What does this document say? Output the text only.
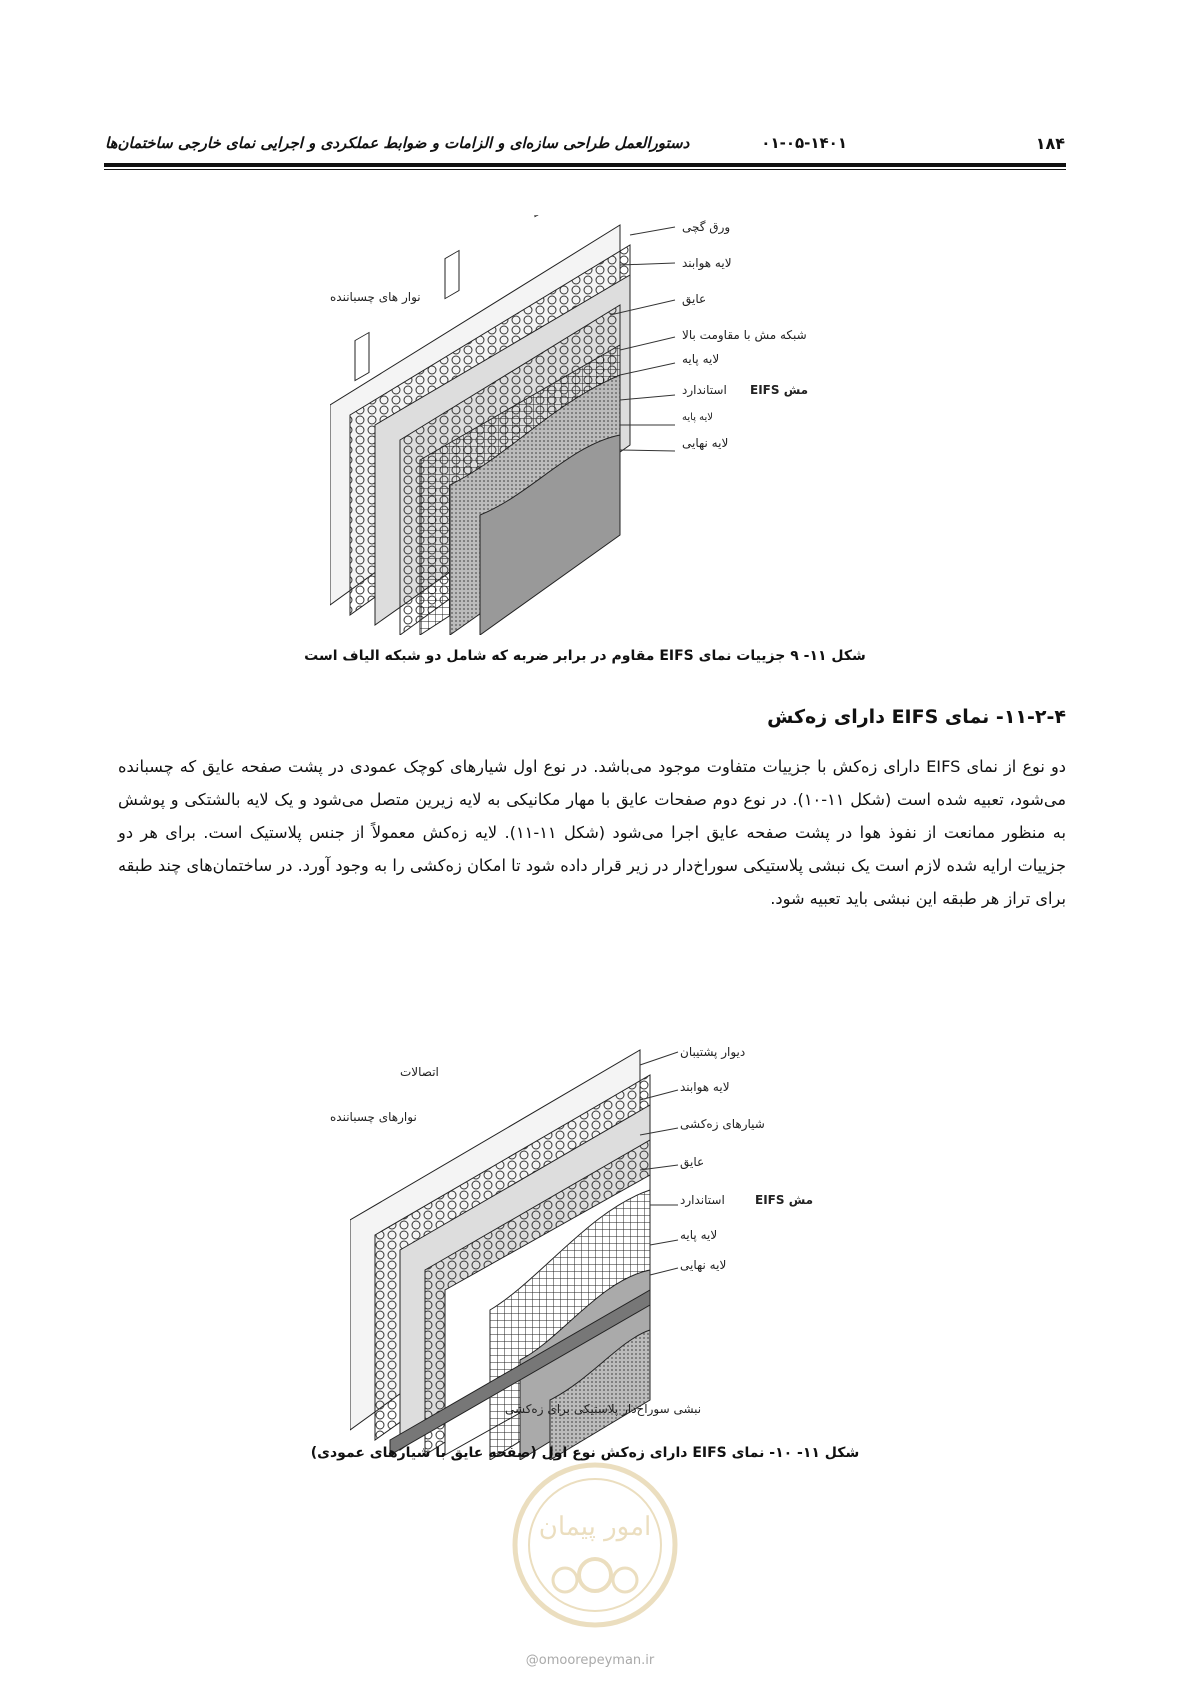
۱۸۴
۰۱-۰۵-۱۴۰۱
دستورالعمل طراحی سازه‌ای و الزامات و ضوابط عملکردی و اجرایی نمای خارجی ساختمان‌ها
ورق گچی
لایه هوابند
عایق
شبکه مش با مقاومت بالا
لایه پایه
استاندارد مش EIFS
لایه پایه
لایه نهایی
نوار های چسباننده
شکل ۱۱- ۹ جزییات نمای EIFS مقاوم در برابر ضربه که شامل دو شبکه الیاف است
۱۱-۲-۴- نمای EIFS دارای زه‌کش
دو نوع از نمای EIFS دارای زه‌کش با جزییات متفاوت موجود می‌باشد. در نوع اول شیارهای کوچک عمودی در پشت صفحه عایق که چسبانده می‌شود، تعبیه شده است (شکل ۱۱-۱۰). در نوع دوم صفحات عایق با مهار مکانیکی به لایه زیرین متصل می‌شود و یک لایه بالشتکی و پوشش به منظور ممانعت از نفوذ هوا در پشت صفحه عایق اجرا می‌شود (شکل ۱۱-۱۱). لایه زه‌کش معمولاً از جنس پلاستیک است. برای هر دو جزییات ارایه شده لازم است یک نبشی پلاستیکی سوراخ‌دار در زیر قرار داده شود تا امکان زه‌کشی را به وجود آورد. در ساختمان‌های چند طبقه برای تراز هر طبقه این نبشی باید تعبیه شود.
دیوار پشتیبان
اتصالات
لایه هوابند
نوارهای چسباننده	شیارهای زه‌کشی
عایق
استاندارد	مش EIFS
لایه پایه
لایه نهایی
نبشی سوراخ‌دار پلاستیکی برای زه‌کشی
شکل ۱۱- ۱۰- نمای EIFS دارای زه‌کش نوع اول (صفحه عایق با شیارهای عمودی)
امور پیمان
@omoorepeyman.ir
